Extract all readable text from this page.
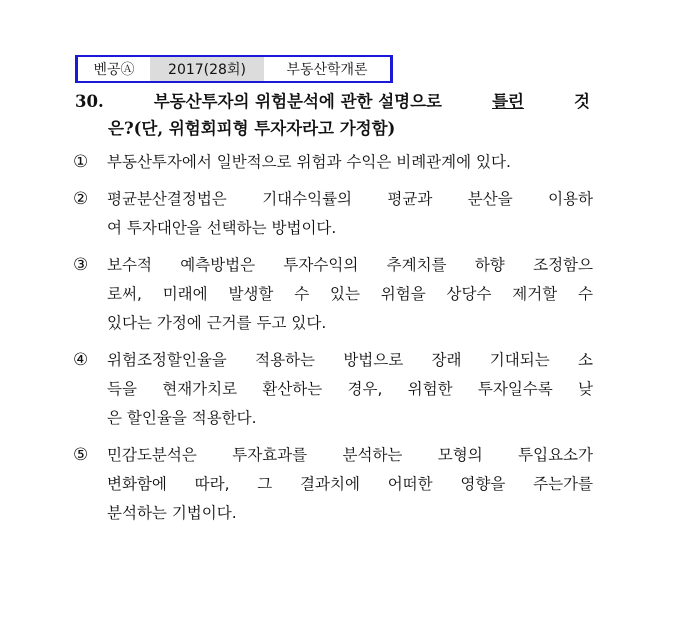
벤공Ⓐ	2017(28회)	부동산학개론
30.	부동산투자의 위험분석에 관한 설명으로	틀린	것
은?(단, 위험회피형 투자자라고 가정함)
①	부동산투자에서 일반적으로 위험과 수익은 비례관계에 있다.
②	평균분산결정법은 기대수익률의 평균과 분산을 이용하
여 투자대안을 선택하는 방법이다.
③	보수적 예측방법은 투자수익의 추계치를 하향 조정함으
로써, 미래에 발생할 수 있는 위험을 상당수 제거할 수
있다는 가정에 근거를 두고 있다.
④	위험조정할인율을 적용하는 방법으로 장래 기대되는 소
득을 현재가치로 환산하는 경우, 위험한 투자일수록 낮
은 할인율을 적용한다.
⑤	민감도분석은 투자효과를 분석하는 모형의 투입요소가
변화함에 따라, 그 결과치에 어떠한 영향을 주는가를
분석하는 기법이다.
